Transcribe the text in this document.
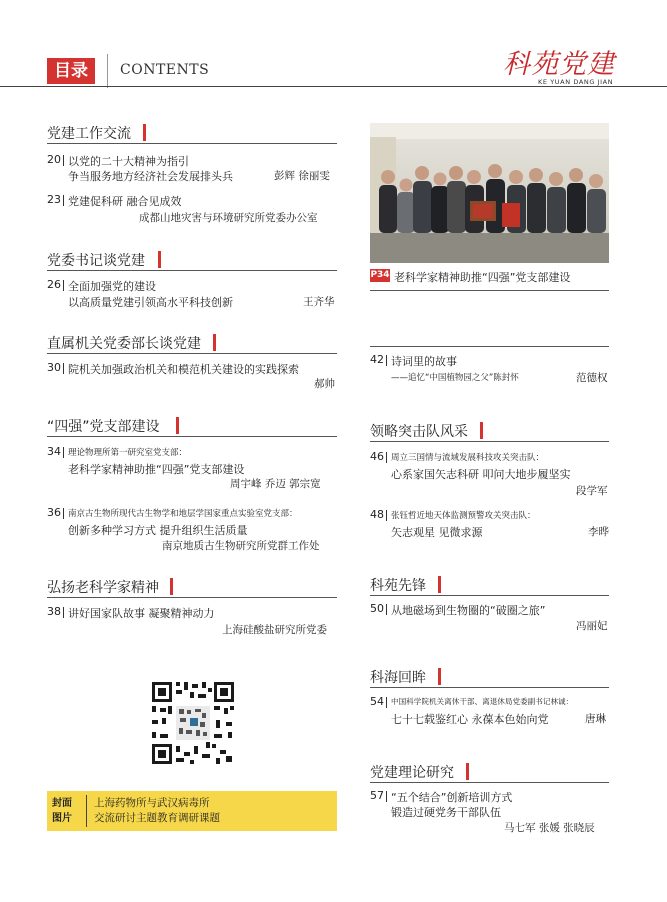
目录	CONTENTS	科苑党建
KE YUAN DANG JIAN
党建工作交流
20 以党的二十大精神为指引
争当服务地方经济社会发展排头兵	彭辉 徐丽雯
23 党建促科研 融合见成效
成都山地灾害与环境研究所党委办公室
党委书记谈党建
26 全面加强党的建设
以高质量党建引领高水平科技创新	王齐华
直属机关党委部长谈党建
30 院机关加强政治机关和模范机关建设的实践探索
郝帅
“四强”党支部建设
34 理论物理所第一研究室党支部：
老科学家精神助推“四强”党支部建设
周宇峰 乔迈 郭宗宽
36 南京古生物所现代古生物学和地层学国家重点实验室党支部：
创新多种学习方式 提升组织生活质量
南京地质古生物研究所党群工作处
弘扬老科学家精神
38 讲好国家队故事 凝聚精神动力
上海硅酸盐研究所党委
封面
图片
上海药物所与武汉病毒所
交流研讨主题教育调研课题
P34 老科学家精神助推“四强”党支部建设
42 诗词里的故事
——追忆“中国植物园之父”陈封怀	范德权
领略突击队风采
46 周立三国情与流域发展科技攻关突击队：
心系家国矢志科研 叩问大地步履坚实
段学军
48 张钰哲近地天体监测预警攻关突击队：
矢志观星 见微求源	李晔
科苑先锋
50 从地磁场到生物圈的“破圈之旅”
冯丽妃
科海回眸
54 中国科学院机关离休干部、离退休局党委副书记林诚：
七十七载鉴红心 永葆本色始向党	唐琳
党建理论研究
57 “五个结合”创新培训方式
锻造过硬党务干部队伍
马七军 张媛 张晓辰
